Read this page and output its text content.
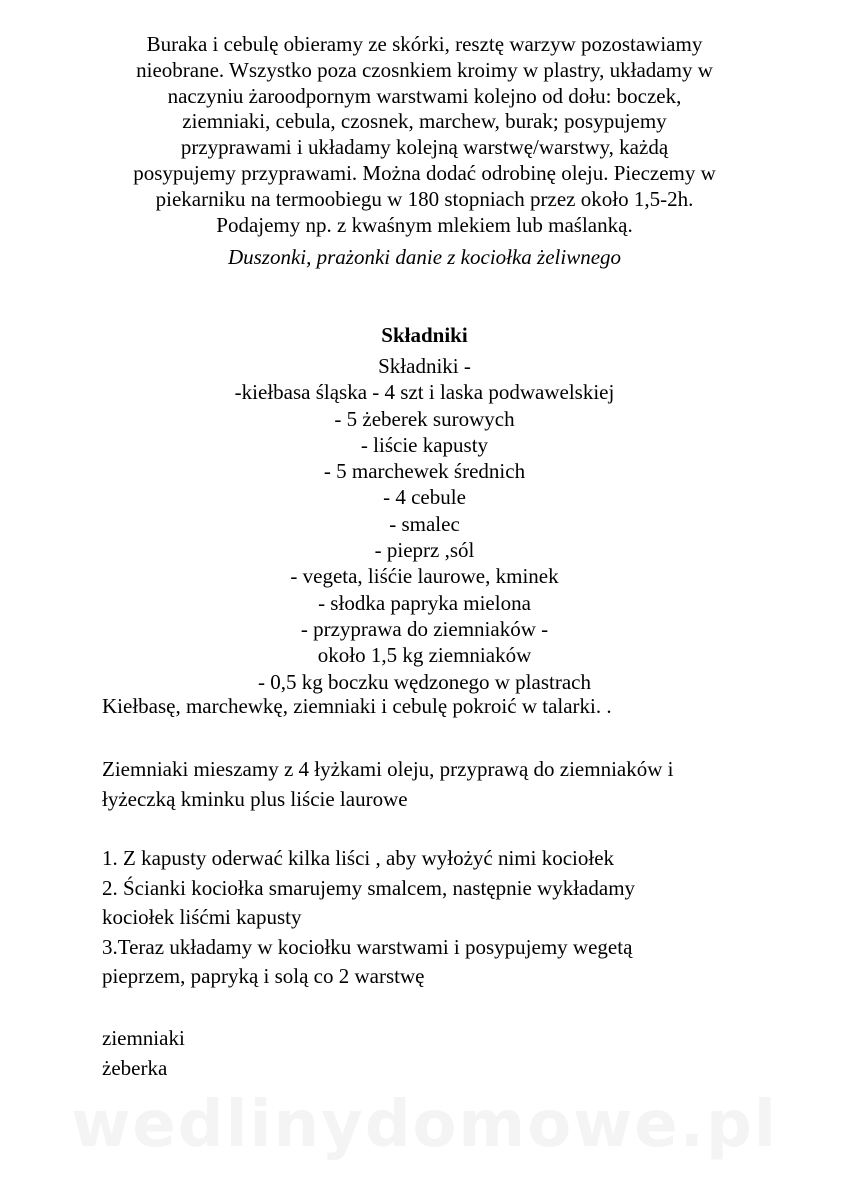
Buraka i cebulę obieramy ze skórki, resztę warzyw pozostawiamy
nieobrane. Wszystko poza czosnkiem kroimy w plastry, układamy w
naczyniu żaroodpornym warstwami kolejno od dołu: boczek,
ziemniaki, cebula, czosnek, marchew, burak; posypujemy
przyprawami i układamy kolejną warstwę/warstwy, każdą
posypujemy przyprawami. Można dodać odrobinę oleju. Pieczemy w
piekarniku na termoobiegu w 180 stopniach przez około 1,5-2h.
Podajemy np. z kwaśnym mlekiem lub maślanką.
Duszonki, prażonki danie z kociołka żeliwnego
Składniki
Składniki -
-kiełbasa śląska - 4 szt i laska podwawelskiej
- 5 żeberek surowych
- liście kapusty
- 5 marchewek średnich
- 4 cebule
- smalec
- pieprz ,sól
- vegeta, liśćie laurowe, kminek
- słodka papryka mielona
- przyprawa do ziemniaków -
około 1,5 kg ziemniaków
- 0,5 kg boczku wędzonego w plastrach
Kiełbasę, marchewkę, ziemniaki i cebulę pokroić w talarki. .
Ziemniaki mieszamy z 4 łyżkami oleju, przyprawą do ziemniaków i
łyżeczką kminku plus liście laurowe
1. Z kapusty oderwać kilka liści , aby wyłożyć nimi kociołek
2. Ścianki kociołka smarujemy smalcem, następnie wykładamy
kociołek liśćmi kapusty
3.Teraz układamy w kociołku warstwami i posypujemy wegetą
pieprzem, papryką i solą co 2 warstwę
ziemniaki
żeberka
wedlinydomowe.pl
